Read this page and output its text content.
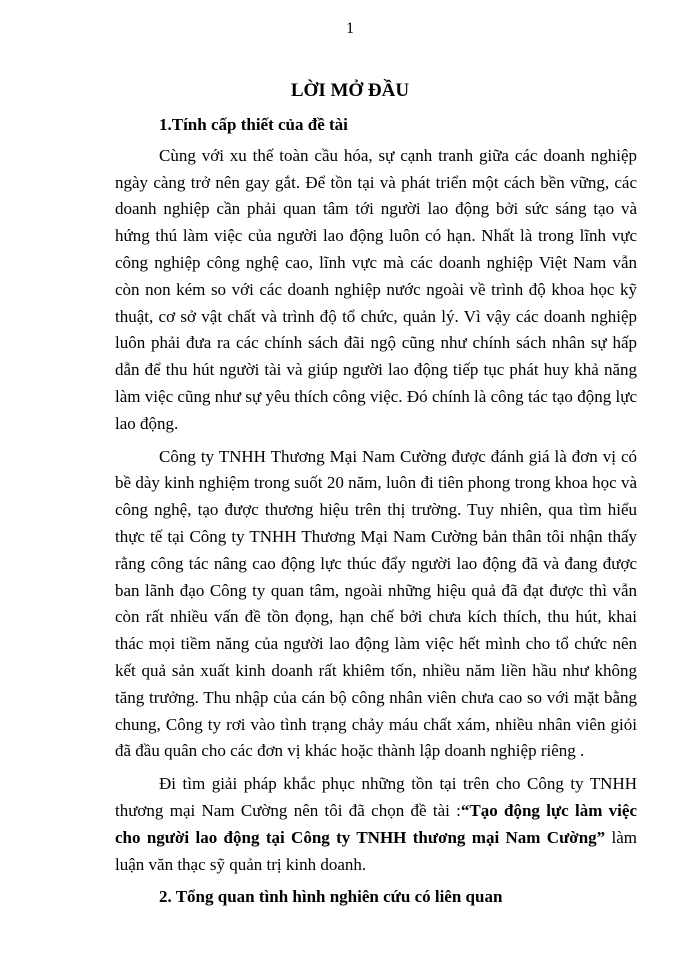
1
LỜI MỞ ĐẦU

1.Tính cấp thiết của đề tài

Cùng với xu thế toàn cầu hóa, sự cạnh tranh giữa các doanh nghiệp ngày càng trở nên gay gắt. Để tồn tại và phát triển một cách bền vững, các doanh nghiệp cần phải quan tâm tới người lao động bởi sức sáng tạo và hứng thú làm việc của người lao động luôn có hạn. Nhất là trong lĩnh vực công nghiệp công nghệ cao, lĩnh vực mà các doanh nghiệp Việt Nam vẫn còn non kém so với các doanh nghiệp nước ngoài về trình độ khoa học kỹ thuật, cơ sở vật chất và trình độ tổ chức, quản lý. Vì vậy các doanh nghiệp luôn phải đưa ra các chính sách đãi ngộ cũng như chính sách nhân sự hấp dẫn để thu hút người tài và giúp người lao động tiếp tục phát huy khả năng làm việc cũng như sự yêu thích công việc. Đó chính là công tác tạo động lực lao động.

Công ty TNHH Thương Mại Nam Cường được đánh giá là đơn vị có bề dày kinh nghiệm trong suốt 20 năm, luôn đi tiên phong trong khoa học và công nghệ, tạo được thương hiệu trên thị trường. Tuy nhiên, qua tìm hiểu thực tế tại Công ty TNHH Thương Mại Nam Cường bản thân tôi nhận thấy rằng công tác nâng cao động lực thúc đẩy người lao động đã và đang được ban lãnh đạo Công ty quan tâm, ngoài những hiệu quả đã đạt được thì vẫn còn rất nhiều vấn đề tồn đọng, hạn chế bởi chưa kích thích, thu hút, khai thác mọi tiềm năng của người lao động làm việc hết mình cho tổ chức nên kết quả sản xuất kinh doanh rất khiêm tốn, nhiều năm liền hầu như không tăng trưởng. Thu nhập của cán bộ công nhân viên chưa cao so với mặt bằng chung, Công ty rơi vào tình trạng chảy máu chất xám, nhiều nhân viên giỏi đã đầu quân cho các đơn vị khác hoặc thành lập doanh nghiệp riêng .

Đi tìm giải pháp khắc phục những tồn tại trên cho Công ty TNHH thương mại Nam Cường nên tôi đã chọn đề tài :“Tạo động lực làm việc cho người lao động tại Công ty TNHH thương mại Nam Cường” làm luận văn thạc sỹ quản trị kinh doanh.

2. Tổng quan tình hình nghiên cứu có liên quan
